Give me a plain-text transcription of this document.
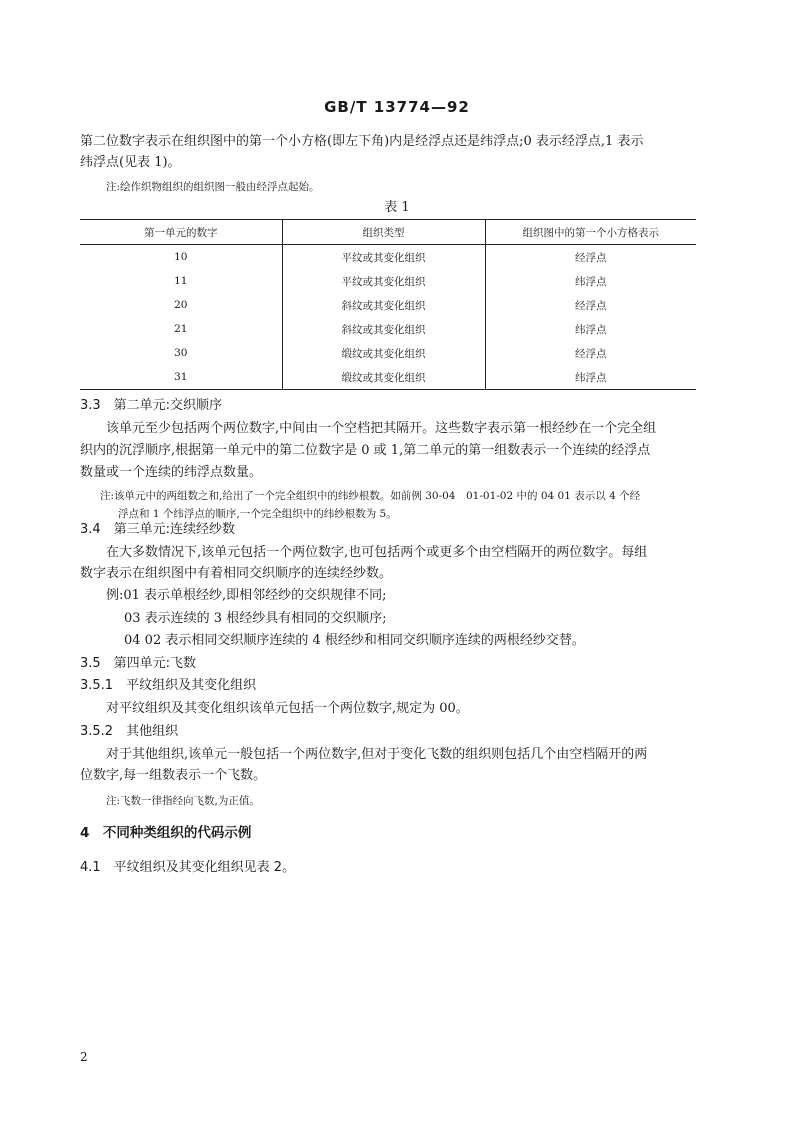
GB/T 13774—92
第二位数字表示在组织图中的第一个小方格(即左下角)内是经浮点还是纬浮点;0 表示经浮点,1 表示
纬浮点(见表 1)。
注:绘作织物组织的组织图一般由经浮点起始。
表 1
第一单元的数字	组织类型	组织图中的第一个小方格表示
10	平纹或其变化组织	经浮点
11	平纹或其变化组织	纬浮点
20	斜纹或其变化组织	经浮点
21	斜纹或其变化组织	纬浮点
30	缎纹或其变化组织	经浮点
31	缎纹或其变化组织	纬浮点
3.3　第二单元:交织顺序
该单元至少包括两个两位数字,中间由一个空档把其隔开。这些数字表示第一根经纱在一个完全组
织内的沉浮顺序,根据第一单元中的第二位数字是 0 或 1,第二单元的第一组数表示一个连续的经浮点
数量或一个连续的纬浮点数量。
注:该单元中的两组数之和,给出了一个完全组织中的纬纱根数。如前例 30-04　01-01-02 中的 04 01 表示以 4 个经
浮点和 1 个纬浮点的顺序,一个完全组织中的纬纱根数为 5。
3.4　第三单元:连续经纱数
在大多数情况下,该单元包括一个两位数字,也可包括两个或更多个由空档隔开的两位数字。每组
数字表示在组织图中有着相同交织顺序的连续经纱数。
例:01 表示单根经纱,即相邻经纱的交织规律不同;
03 表示连续的 3 根经纱具有相同的交织顺序;
04 02 表示相同交织顺序连续的 4 根经纱和相同交织顺序连续的两根经纱交替。
3.5　第四单元:飞数
3.5.1　平纹组织及其变化组织
对平纹组织及其变化组织该单元包括一个两位数字,规定为 00。
3.5.2　其他组织
对于其他组织,该单元一般包括一个两位数字,但对于变化飞数的组织则包括几个由空档隔开的两
位数字,每一组数表示一个飞数。
注:飞数一律指经向飞数,为正值。
4　不同种类组织的代码示例
4.1　平纹组织及其变化组织见表 2。
2
